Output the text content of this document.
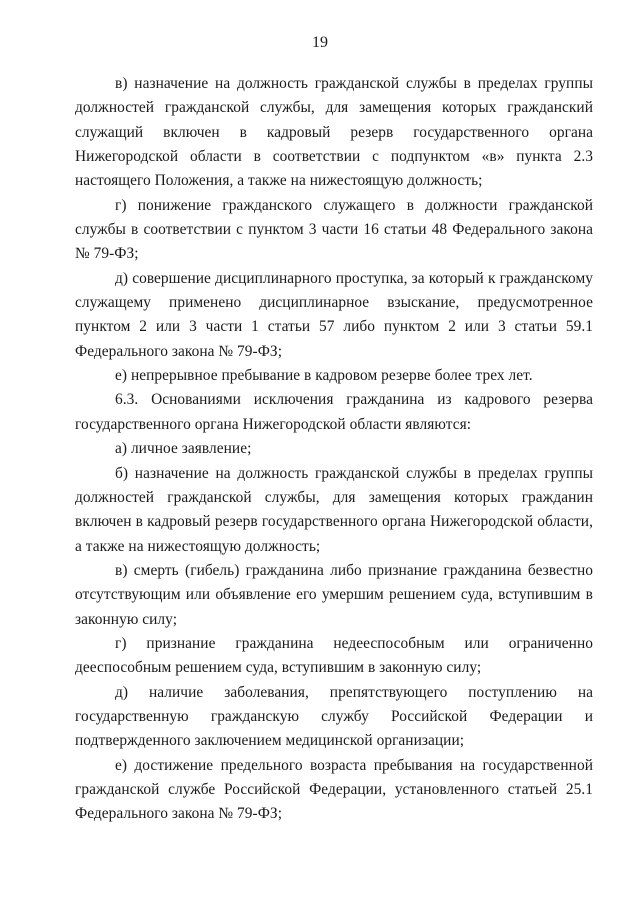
19

в) назначение на должность гражданской службы в пределах группы должностей гражданской службы, для замещения которых гражданский служащий включен в кадровый резерв государственного органа Нижегородской области в соответствии с подпунктом «в» пункта 2.3 настоящего Положения, а также на нижестоящую должность;

г) понижение гражданского служащего в должности гражданской службы в соответствии с пунктом 3 части 16 статьи 48 Федерального закона № 79-ФЗ;

д) совершение дисциплинарного проступка, за который к гражданскому служащему применено дисциплинарное взыскание, предусмотренное пунктом 2 или 3 части 1 статьи 57 либо пунктом 2 или 3 статьи 59.1 Федерального закона № 79-ФЗ;

е) непрерывное пребывание в кадровом резерве более трех лет.

6.3. Основаниями исключения гражданина из кадрового резерва государственного органа Нижегородской области являются:

а) личное заявление;

б) назначение на должность гражданской службы в пределах группы должностей гражданской службы, для замещения которых гражданин включен в кадровый резерв государственного органа Нижегородской области, а также на нижестоящую должность;

в) смерть (гибель) гражданина либо признание гражданина безвестно отсутствующим или объявление его умершим решением суда, вступившим в законную силу;

г) признание гражданина недееспособным или ограниченно дееспособным решением суда, вступившим в законную силу;

д) наличие заболевания, препятствующего поступлению на государственную гражданскую службу Российской Федерации и подтвержденного заключением медицинской организации;

е) достижение предельного возраста пребывания на государственной гражданской службе Российской Федерации, установленного статьей 25.1 Федерального закона № 79-ФЗ;
